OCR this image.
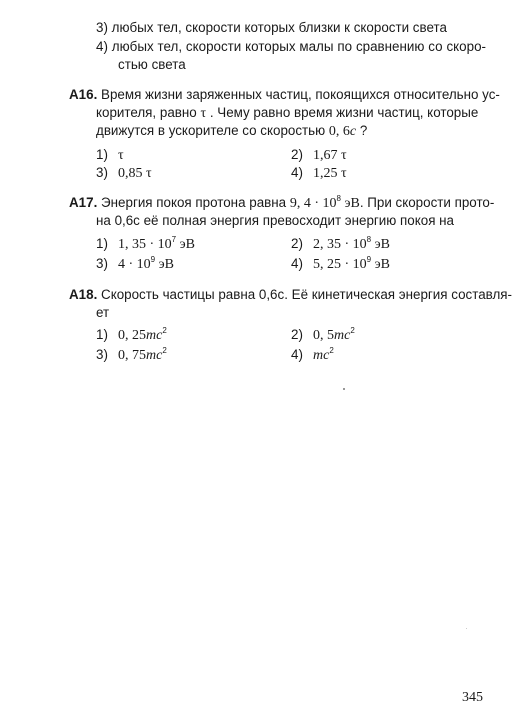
3) любых тел, скорости которых близки к скорости света
4) любых тел, скорости которых малы по сравнению со скоро-
стью света
А16. Время жизни заряженных частиц, покоящихся относительно ус-
корителя, равно τ . Чему равно время жизни частиц, которые
движутся в ускорителе со скоростью 0, 6c ?
1) τ	2) 1,67 τ
3) 0,85 τ	4) 1,25 τ
А17. Энергия покоя протона равна 9, $4 \cdot 10^8$ эВ. При скорости прото-
на 0,6c её полная энергия превосходит энергию покоя на
1) 1, $35 \cdot 10^7$ эВ	2) 2, $35 \cdot 10^8$ эВ
3) $4 \cdot 10^9$ эВ	4) 5, $25 \cdot 10^9$ эВ
А18. Скорость частицы равна 0,6c. Её кинетическая энергия составля-
ет
1) 0, $25mc^2$	2) 0, $5mc^2$
3) 0, $75mc^2$	4) $mc^2$
345
